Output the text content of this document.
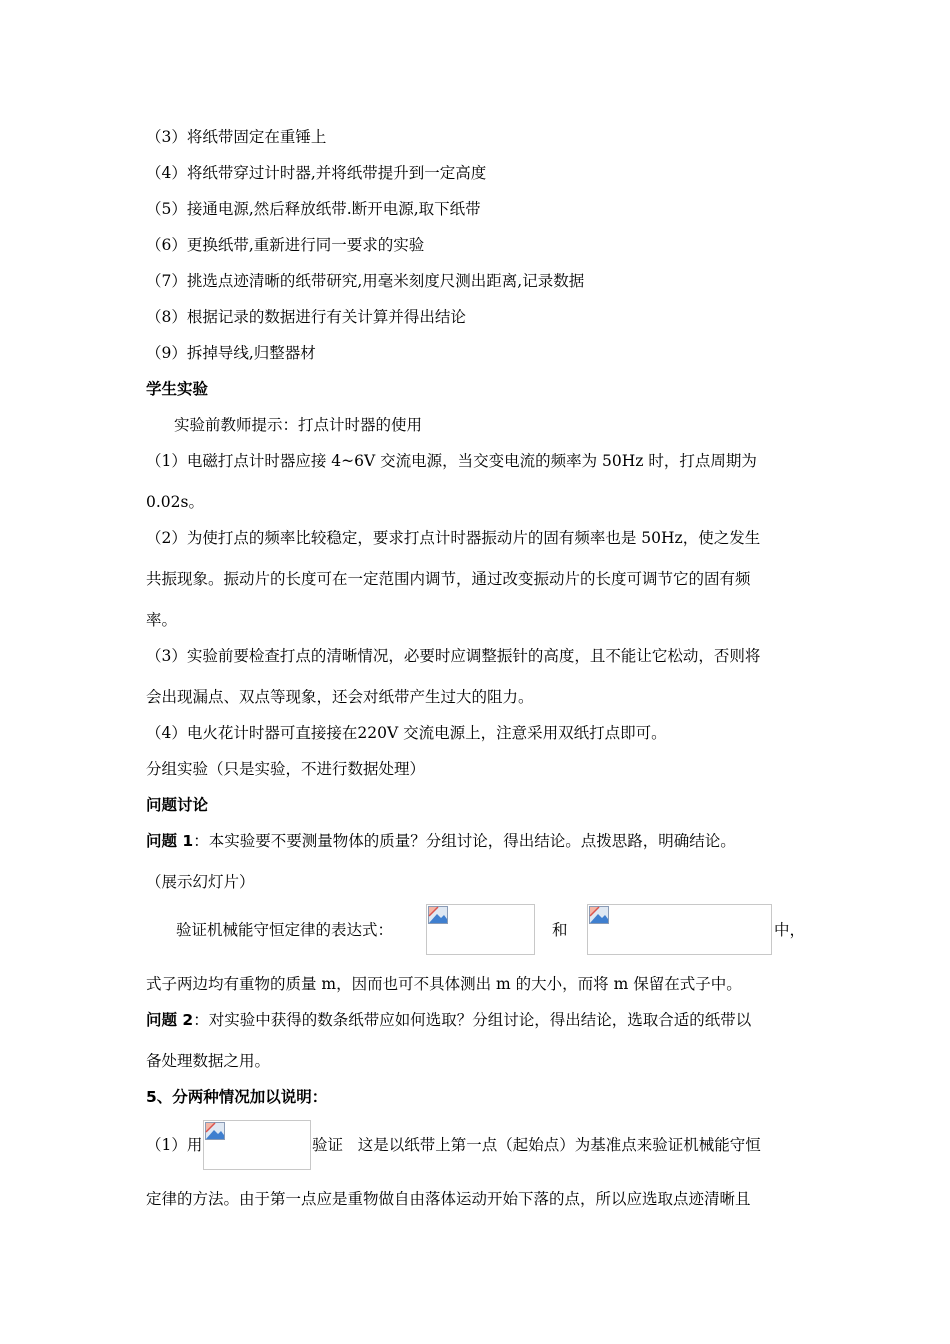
（3）将纸带固定在重锤上
（4）将纸带穿过计时器,并将纸带提升到一定高度
（5）接通电源,然后释放纸带.断开电源,取下纸带
（6）更换纸带,重新进行同一要求的实验
（7）挑选点迹清晰的纸带研究,用毫米刻度尺测出距离,记录数据
（8）根据记录的数据进行有关计算并得出结论
（9）拆掉导线,归整器材
学生实验
实验前教师提示：打点计时器的使用
（1）电磁打点计时器应接 4~6V 交流电源，当交变电流的频率为 50Hz 时，打点周期为
0.02s。
（2）为使打点的频率比较稳定，要求打点计时器振动片的固有频率也是 50Hz，使之发生
共振现象。振动片的长度可在一定范围内调节，通过改变振动片的长度可调节它的固有频
率。
（3）实验前要检查打点的清晰情况，必要时应调整振针的高度，且不能让它松动，否则将
会出现漏点、双点等现象，还会对纸带产生过大的阻力。
（4）电火花计时器可直接接在220V 交流电源上，注意采用双纸打点即可。
分组实验（只是实验，不进行数据处理）
问题讨论
问题 1：本实验要不要测量物体的质量？分组讨论，得出结论。点拨思路，明确结论。
（展示幻灯片）
验证机械能守恒定律的表达式：	和	中，
式子两边均有重物的质量 m，因而也可不具体测出 m 的大小，而将 m 保留在式子中。
问题 2：对实验中获得的数条纸带应如何选取？分组讨论，得出结论，选取合适的纸带以
备处理数据之用。
5、分两种情况加以说明：
（1）用	验证   这是以纸带上第一点（起始点）为基准点来验证机械能守恒
定律的方法。由于第一点应是重物做自由落体运动开始下落的点，所以应选取点迹清晰且
